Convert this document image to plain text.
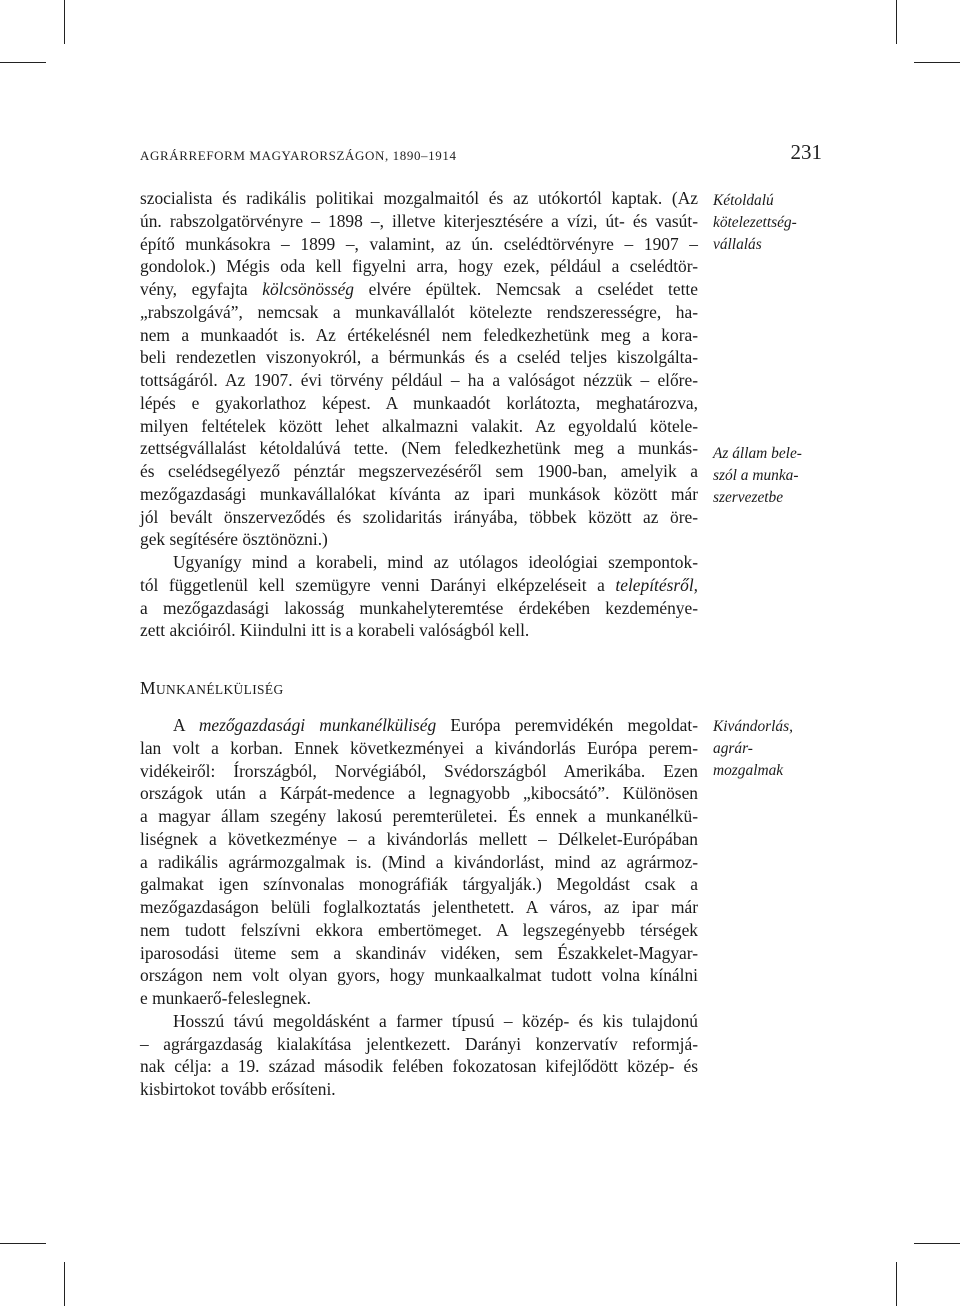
AGRÁRREFORM MAGYARORSZÁGON, 1890–1914	231

szocialista és radikális politikai mozgalmaitól és az utókortól kaptak. (Az
ún. rabszolgatörvényre – 1898 –, illetve kiterjesztésére a vízi, út- és vasút-
építő munkásokra – 1899 –, valamint, az ún. cselédtörvényre – 1907 –
gondolok.) Mégis oda kell figyelni arra, hogy ezek, például a cselédtör-
vény, egyfajta kölcsönösség elvére épültek. Nemcsak a cselédet tette
„rabszolgává”, nemcsak a munkavállalót kötelezte rendszerességre, ha-
nem a munkaadót is. Az értékelésnél nem feledkezhetünk meg a kora-
beli rendezetlen viszonyokról, a bérmunkás és a cseléd teljes kiszolgálta-
tottságáról. Az 1907. évi törvény például – ha a valóságot nézzük – előre-
lépés e gyakorlathoz képest. A munkaadót korlátozta, meghatározva,
milyen feltételek között lehet alkalmazni valakit. Az egyoldalú kötele-
zettségvállalást kétoldalúvá tette. (Nem feledkezhetünk meg a munkás-
és cselédsegélyező pénztár megszervezéséről sem 1900-ban, amelyik a
mezőgazdasági munkavállalókat kívánta az ipari munkások között már
jól bevált önszerveződés és szolidaritás irányába, többek között az öre-
gek segítésére ösztönözni.)

Ugyanígy mind a korabeli, mind az utólagos ideológiai szempontok-
tól függetlenül kell szemügyre venni Darányi elképzeléseit a telepítésről,
a mezőgazdasági lakosság munkahelyteremtése érdekében kezdeménye-
zett akcióiról. Kiindulni itt is a korabeli valóságból kell.

MUNKANÉLKÜLISÉG

A mezőgazdasági munkanélküliség Európa peremvidékén megoldat-
lan volt a korban. Ennek következményei a kivándorlás Európa perem-
vidékeiről: Írországból, Norvégiából, Svédországból Amerikába. Ezen
országok után a Kárpát-medence a legnagyobb „kibocsátó”. Különösen
a magyar állam szegény lakosú peremterületei. És ennek a munkanélkü-
liségnek a következménye – a kivándorlás mellett – Délkelet-Európában
a radikális agrármozgalmak is. (Mind a kivándorlást, mind az agrármoz-
galmakat igen színvonalas monográfiák tárgyalják.) Megoldást csak a
mezőgazdaságon belüli foglalkoztatás jelenthetett. A város, az ipar már
nem tudott felszívni ekkora embertömeget. A legszegényebb térségek
iparosodási üteme sem a skandináv vidéken, sem Északkelet-Magyar-
országon nem volt olyan gyors, hogy munkaalkalmat tudott volna kínálni
e munkaerő-feleslegnek.

Hosszú távú megoldásként a farmer típusú – közép- és kis tulajdonú
– agrárgazdaság kialakítása jelentkezett. Darányi konzervatív reformjá-
nak célja: a 19. század második felében fokozatosan kifejlődött közép- és
kisbirtokot tovább erősíteni.

Kétoldalú
kötelezettség-
vállalás
Az állam bele-
szól a munka-
szervezetbe
Kivándorlás,
agrár-
mozgalmak
